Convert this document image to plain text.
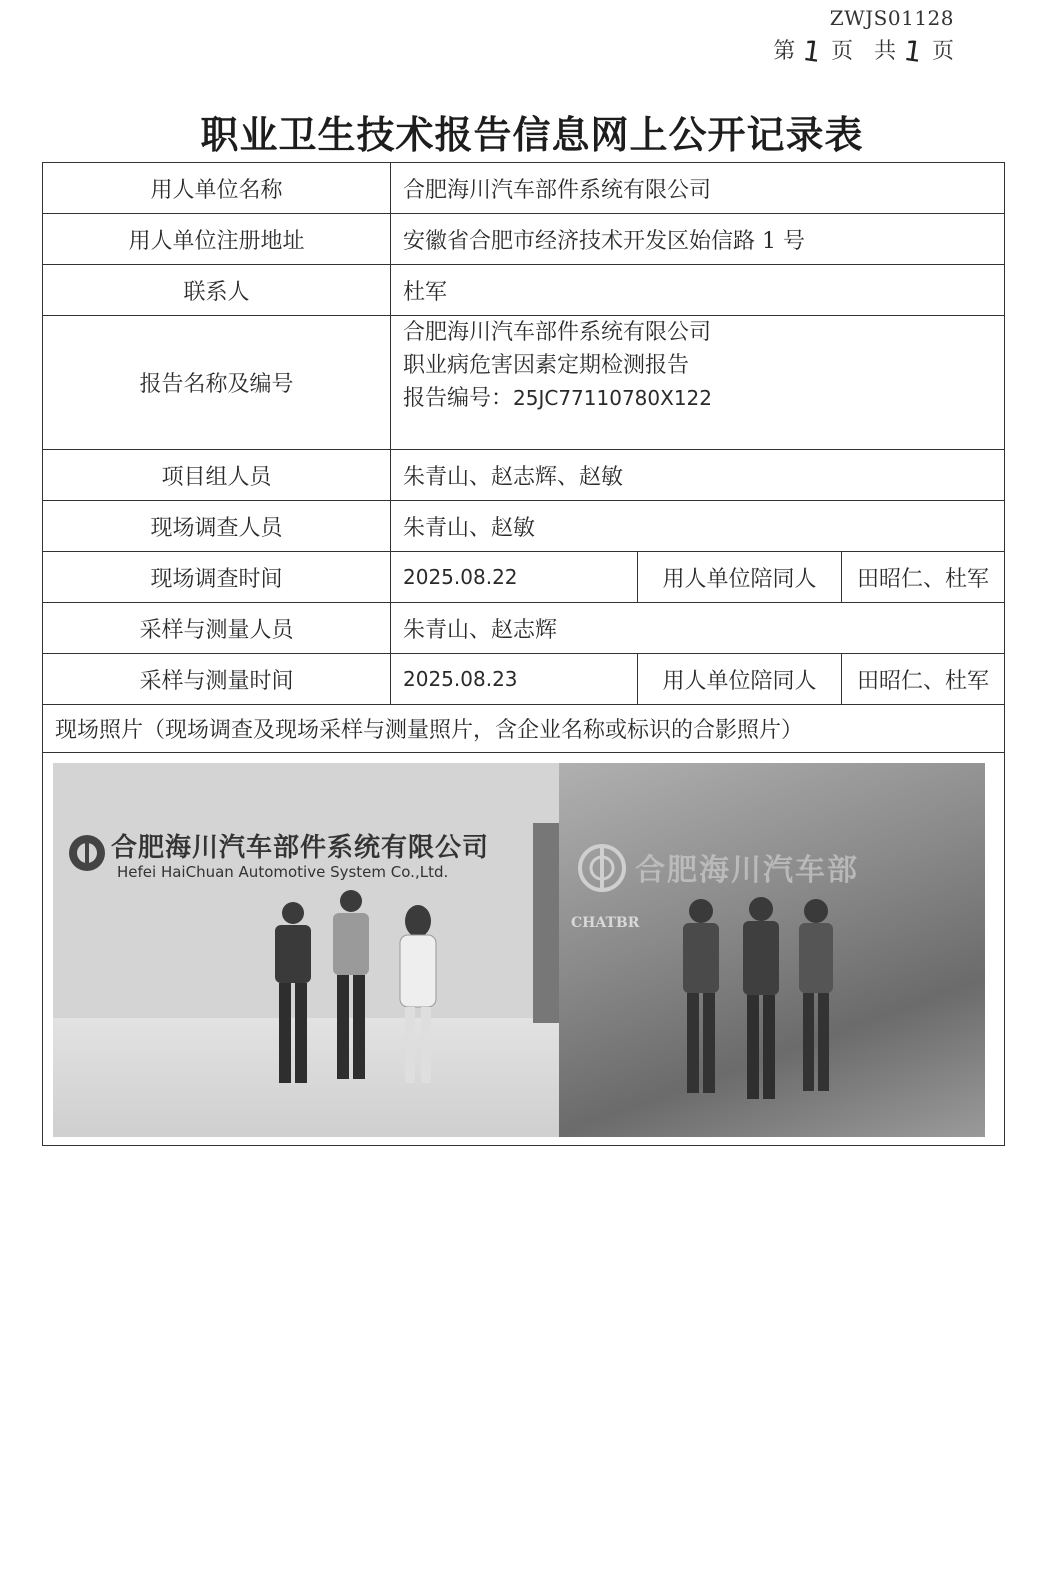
ZWJS01128
第 1 页 共 1 页
职业卫生技术报告信息网上公开记录表
用人单位名称	合肥海川汽车部件系统有限公司		
用人单位注册地址	安徽省合肥市经济技术开发区始信路 1 号		
联系人	杜军		
报告名称及编号	合肥海川汽车部件系统有限公司
职业病危害因素定期检测报告
报告编号：25JC77110780X122		

项目组人员	朱青山、赵志辉、赵敏		
现场调查人员	朱青山、赵敏		
现场调查时间	2025.08.22	用人单位陪同人	田昭仁、杜军
采样与测量人员	朱青山、赵志辉		
采样与测量时间	2025.08.23	用人单位陪同人	田昭仁、杜军
现场照片（现场调查及现场采样与测量照片，含企业名称或标识的合影照片）			

合肥海川汽车部件系统有限公司
Hefei HaiChuan Automotive System Co.,Ltd.
CHATBR
合肥海川汽车部			
